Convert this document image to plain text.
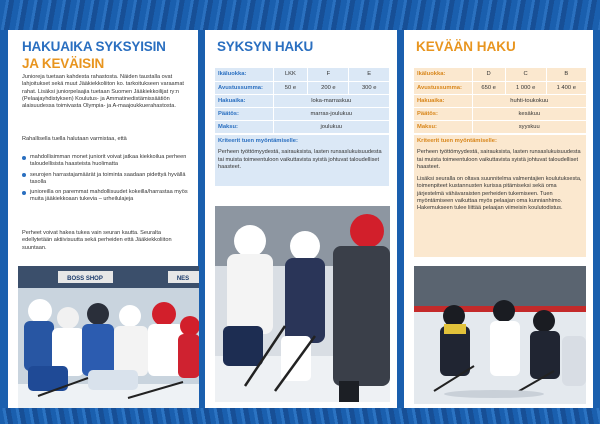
HAKUAIKA SYKSYISIN
JA KEVÄISIN

Junioreja tuetaan kahdesta rahastosta. Näiden taustalla ovat lahjoitukset sekä muut Jääkiekkoliiton ko. tarkoitukseen varaamat rahat. Lisäksi juniorpelaajia tuetaan Suomen Jääkiekkoilijat ry:n (Pelaajayhdistyksen) Koulutus- ja Ammatinedistämissäätiön alaisuudessa toimivasta Olympia- ja A-maajoukkuerahastosta.

Rahallisella tuella halutaan varmistaa, että

mahdollisimman monet juniorit voivat jatkaa kiekkoilua perheen taloudellisista haasteista huolimatta
seurojen harrastajamäärät ja toiminta saadaan pidettyä hyvällä tasolla
junioreilla on paremmat mahdollisuudet kokeilla/harrastaa myös muita jääkiekkoaan tukevia – urheilulajeja

Perheet voivat hakea tukea vain seuran kautta. Seuralta edellytetään aktiivisuutta sekä perheiden että Jääkiekkoliiton suuntaan.

BOSS SHOP	NES
SYKSYN HAKU
Ikäluokka:	LKK	F	E
Avustussumma:	50 e	200 e	300 e
Hakuaika:	loka-marraskuu		
Päätös:	marras-joulukuu		
Maksu:	joulukuu		
Kriteerit tuen myöntämiselle:

Perheen työttömyydestä, sairauksista, lasten runsaslukuisuudesta tai muista toimeentuloon vaikuttavista syistä johtuvat taloudelliset haasteet.

KEVÄÄN HAKU
Ikäluokka:	D	C	B
Avustussumma:	650 e	1 000 e	1 400 e
Hakuaika:	huhti-toukokuu		
Päätös:	kesäkuu		
Maksu:	syyskuu		
Kriteerit tuen myöntämiselle:

Perheen työttömyydestä, sairauksista, lasten runsaslukuisuudesta tai muista toimeentuloon vaikuttavista syistä johtuvat taloudelliset haasteet.

Lisäksi seuralla on oltava suunnitelma valmentajien koulutuksesta, toimenpiteet kustannusten kurissa pitämiseksi sekä oma järjestelmä vähävaraisten perheiden tukemiseen. Tuen myöntämiseen vaikuttaa myös pelaajan oma kunnianhimo. Hakemukseen tulee liittää pelaajan viimeisin koulutodistus.
